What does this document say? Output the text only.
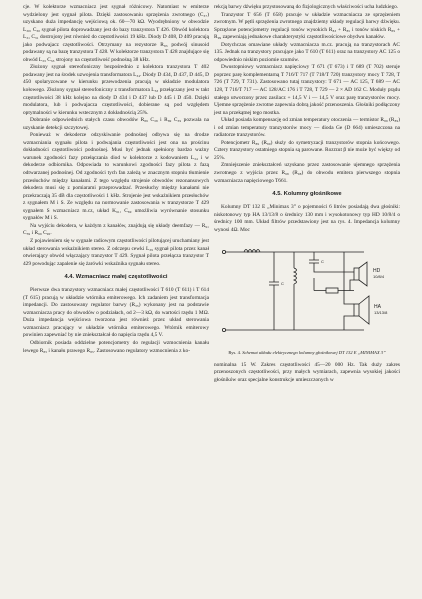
cje. W kolektorze wzmacniacz jest sygnał różnicowy. Natomiast w emiterze wydzielony jest sygnał pilota. Dzięki zastosowaniu sprzężenia zwrotnego (C₃₇) uzyskano duża impedancję wejściową ok. 60—70 kΩ. Wyodrębniony w obwodzie L₃₀, C₃₀ sygnał pilota doprowadzany jest do bazy tranzystora T 426. Obwód kolektora L₃₁ C₃₁ dostrojony jest również do częstotliwości 19 kHz. Diody D 408, D 409 pracują jako podwajacz częstotliwości. Otrzymany na rezystorze R₈₃ podwój sinusoid podawany są na bazę tranzystora T 428. W kolektorze tranzystora T 428 znajdujące się obwód L₃₃ C₃₃ strojony na częstotliwość podnośną 38 kHz.

Złożony sygnał stereofoniczny bezpośrednio z kolektora tranzystora T 402 podawany jest na środek uzwojenia transformatora L₃₄. Diody D 434, D 437, D 445, D 450 spolaryzowane w kierunku przewodzenia pracują w układzie modulatora kołowego. Złożony sygnał stereofoniczny z transformatora L₃₃ przełączany jest w takt częstotliwości 38 kHz kolejno na diody D 434 i D 437 lub D 445 i D 450. Dzięki modulatora, lub i podwajacza częstotliwości, dobierane są pod względem optymalności w kierunku wstecznym z dokładnością 25%.

Dobranie odpowiednich stałych czasu obwodów R₈₉ C₃₈ i R₈₉ C₃₉ pozwala na uzyskanie detekcji szczytowej.

Ponieważ w dekoderze odzyskiwanie podnośnej odbywa się na drodze wzmacniania sygnału pilota i podwajania częstotliwości jest ona na prościnu dokładności częstotliwości podnośnej. Musi być jednak spełniony bardzo ważny warunek zgodności fazy przełączania diod w kolektorze z kodowaniem L₃₄ i w dekoderze odbiornika. Odpowiada to warunkowi zgodności fazy pilota z fazą odtwarzanej podnośnej. Od zgodności tych fan zależą w znacznym stopniu tłumienie przesłuchów między kanałami. Z tego względu strojenie obwodów rezonansowych dekodera musi się z pomiarami przeprowadzać. Przesłuchy między kanałami nie przekraczają 35 dB dla częstotliwości 1 kHz. Strojenie jest wskaźnikiem przesłuchów z sygnałem M i S. Ze względu na normowanie zastosowania w tranzystorze T 429 sygnałem S wzmacniacz m.cz, układ K₉₁, C₈₉ umożliwia wyrównanie stosunku sygnałów M i S.

Na wyjściu dekodera, w każdym z kanałów, znajdują się układy deemfazy — R₉₁ C₃₉ i R₉₉ C₉₀.

Z pojawieniem się w sygnale radiowym częstotliwości pilotującej uruchamiany jest układ sterowania wskaźnikiem stereo. Z odczepu cewki L₃₉ sygnał pilota przez kanał otwierający obwód włączający tranzystor T 429. Sygnał pilota przełącza tranzystor T 429 powodując zapalenie się żarówki wskaźnika sygnału stereo.

4.4. Wzmacniacz małej częstotliwości

Pierwsze dwa tranzystory wzmacniacz małej częstotliwości T 610 (T 611) i T 614 (T 615) pracują w układzie wtórnika emiterowego. Ich zadaniem jest transformacja impedancji. Do zastosowany regulator barwy (R₃₅) wykonany jest na podstawie wzmacniacza pracy do obwodów o podziałach, od 2—3 kΩ, do wartości rzędu 1 MΩ. Duża impedancja wejściowa tworzona jest również przez układ sterowania wzmacniacz pracujący w układzie wtórnika emiterowego. Wtórnik emiterowy powinien zapewniać by nie zniekształcał do napięcia rzędu 4,5 V.

Odbiornik posiada oddzielne potencjometry do regulacji wzmocnienia kanału lewego R₈₅ i kanału prawego R₈₅. Zastosowano regulatory wzmocnienia z ko-

rekcją barwy dźwięku przystosowaną do fizjologicznych właściwości ucha ludzkiego.

Tranzystor T 656 (T 658) pracuje w układzie wzmacniacza ze sprzężeniem zwrotnym. W pętli sprzężenia zwrotnego znajdziemy układy regulacji barwy dźwięku. Sprzężone potencjometry regulacji tonów wysokich R₈₃ + R₈₅ i tonów niskich R₈₉ + R₉₉ zapewniają jednakowe charakterystyki częstotliwościowe obydwu kanałów.

Dotychczas omawiane układy wzmacniacza m.cz. pracują na tranzystorach AC 135. Jednak na tranzystory pracujące jako T 610 (T 611) oraz na tranzystory AC 125 o odpowiednio niskim poziomie szumów.

Dwustopniowy wzmacniacz napięciowy T 671 (T 673) i T 689 (T 702) steruje poprzez parę komplementarną T 716/T 717 (T 718/T 720) tranzystory mocy T 728, T 726 (T 729, T 731). Zastosowano tutaj tranzystory: T 671 — AC 125, T 689 — AC 128, T 716/T 717 — AC 128/AC 176 i T 728, T 729 — 2 × AD 162 C. Moduły prądu stałego utworzony przez zasilacz + 14,5 V i — 14,5 V oraz parę tranzystorów mocy. Ujemne sprzężenie zwrotne zapewnia dobrą jakość przenoszenia. Głośniki podłączony jest na przekątnej tego mostka.

Układ posiada kompensację od zmian temperatury otoczenia — termistor R₈₉ (R₈₉) i od zmian temperatury tranzystorów mocy — dioda Ge (D 664) umieszczona na radiatorze tranzystorów.

Potencjometr R₈₉ (R₈₉) służy do symetryzacji tranzystorów stopnia końcowego. Cztery tranzystory ostatniego stopnia są parowane. Rozrzut β nie może być więkzy od 25%.

Zmniejszenie zniekształceń uzyskano przez zastosowanie ujemnego sprzężenia zwrotnego z wyjścia przez R₉₈ (R₉₈) do obwodu emitera pierwszego stopnia wzmacniacza napięciowego T661.

4.5. Kolumny głośnikowe

Kolumny DT 132 E „Minimax 3” o pojemności 6 litrów posiadają dwa głośniki: niskotonowy typ HA 13/13/8 o średnicy 130 mm i wysokotonowy typ HD 10/8/4 o średnicy 100 mm. Układ filtrów przedstawiony jest na rys. 4. Impedancja kolumny wynosi 4Ω. Moc

HD
10/8/4
HA
13/13/8
C
C
Rys. 4. Schemat układu elektrycznego kolumny głośnikowej DT 132 E „MINIMAX 3”

nominalna 15 W. Zakres częstotliwości 45—20 000 Hz. Tak duży zakres przenoszonych częstotliwości, przy małych wymiarach, zapewnia wysokiej jakości głośników oraz specjalne konstrukcje umieszczonych w
